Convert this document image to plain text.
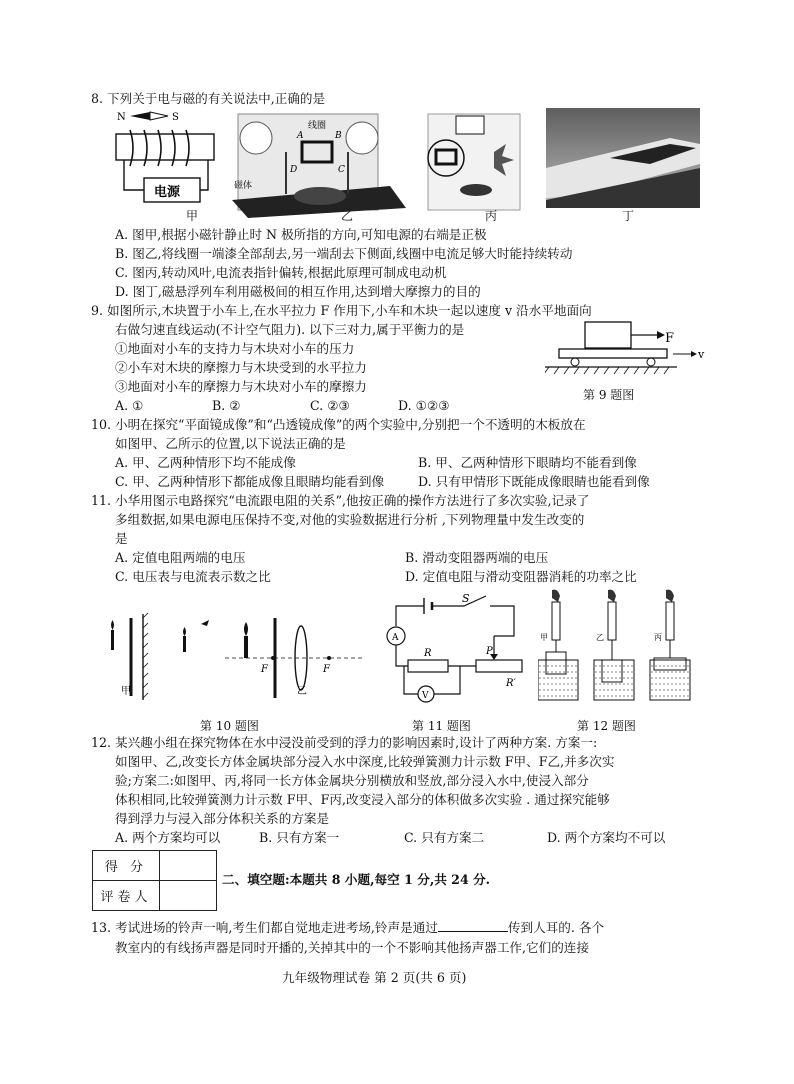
8. 下列关于电与磁的有关说法中,正确的是
N	S
电源
线圈
A	B
D	C
磁体
甲	乙	丙	丁
A. 图甲,根据小磁针静止时 N 极所指的方向,可知电源的右端是正极
B. 图乙,将线圈一端漆全部刮去,另一端刮去下侧面,线圈中电流足够大时能持续转动
C. 图丙,转动风叶,电流表指针偏转,根据此原理可制成电动机
D. 图丁,磁悬浮列车利用磁极间的相互作用,达到增大摩擦力的目的
9. 如图所示,木块置于小车上,在水平拉力 F 作用下,小车和木块一起以速度 v 沿水平地面向
右做匀速直线运动(不计空气阻力). 以下三对力,属于平衡力的是
①地面对小车的支持力与木块对小车的压力
②小车对木块的摩擦力与木块受到的水平拉力
③地面对小车的摩擦力与木块对小车的摩擦力
A. ①	B. ②	C. ②③	D. ①②③
F
v
第 9 题图
10. 小明在探究“平面镜成像”和“凸透镜成像”的两个实验中,分别把一个不透明的木板放在
如图甲、乙所示的位置,以下说法正确的是
A. 甲、乙两种情形下均不能成像	B. 甲、乙两种情形下眼睛均不能看到像
C. 甲、乙两种情形下都能成像且眼睛均能看到像	D. 只有甲情形下既能成像眼睛也能看到像
11. 小华用图示电路探究“电流跟电阻的关系”,他按正确的操作方法进行了多次实验,记录了
多组数据,如果电源电压保持不变,对他的实验数据进行分析 ,下列物理量中发生改变的
是
A. 定值电阻两端的电压	B. 滑动变阻器两端的电压
C. 电压表与电流表示数之比	D. 定值电阻与滑动变阻器消耗的功率之比
甲
F	F
乙
S
A
R	P
R′
V
甲	乙	丙
第 10 题图	第 11 题图	第 12 题图
12. 某兴趣小组在探究物体在水中浸没前受到的浮力的影响因素时,设计了两种方案. 方案一:
如图甲、乙,改变长方体金属块部分浸入水中深度,比较弹簧测力计示数 F甲、F乙,并多次实
验;方案二:如图甲、丙,将同一长方体金属块分别横放和竖放,部分浸入水中,使浸入部分
体积相同,比较弹簧测力计示数 F甲、F丙,改变浸入部分的体积做多次实验 . 通过探究能够
得到浮力与浸入部分体积关系的方案是
A. 两个方案均可以	B. 只有方案一	C. 只有方案二	D. 两个方案均不可以
得 分	
评卷人	
二、填空题:本题共 8 小题,每空 1 分,共 24 分.
13. 考试进场的铃声一响,考生们都自觉地走进考场,铃声是通过	传到人耳的. 各个
教室内的有线扬声器是同时开播的,关掉其中的一个不影响其他扬声器工作,它们的连接
九年级物理试卷 第 2 页(共 6 页)
